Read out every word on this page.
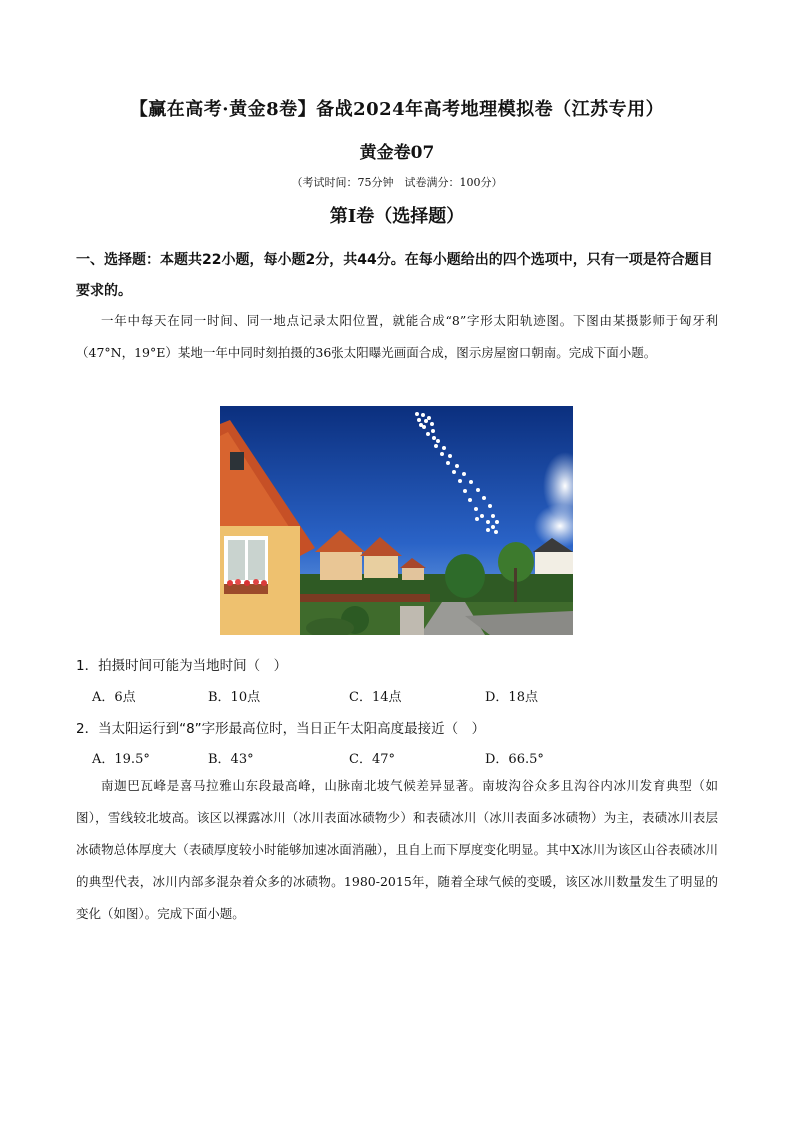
【赢在高考·黄金8卷】备战2024年高考地理模拟卷（江苏专用）
黄金卷07
（考试时间：75分钟　试卷满分：100分）
第Ⅰ卷（选择题）
一、选择题：本题共22小题，每小题2分，共44分。在每小题给出的四个选项中，只有一项是符合题目要求的。
一年中每天在同一时间、同一地点记录太阳位置，就能合成“8”字形太阳轨迹图。下图由某摄影师于匈牙利（47°N，19°E）某地一年中同时刻拍摄的36张太阳曝光画面合成，图示房屋窗口朝南。完成下面小题。
1．拍摄时间可能为当地时间（　）
A．6点	B．10点	C．14点	D．18点
2．当太阳运行到“8”字形最高位时，当日正午太阳高度最接近（　）
A．19.5°	B．43°	C．47°	D．66.5°
南迦巴瓦峰是喜马拉雅山东段最高峰，山脉南北坡气候差异显著。南坡沟谷众多且沟谷内冰川发育典型（如图），雪线较北坡高。该区以裸露冰川（冰川表面冰碛物少）和表碛冰川（冰川表面多冰碛物）为主，表碛冰川表层冰碛物总体厚度大（表碛厚度较小时能够加速冰面消融），且自上而下厚度变化明显。其中X冰川为该区山谷表碛冰川的典型代表，冰川内部多混杂着众多的冰碛物。1980-2015年，随着全球气候的变暖，该区冰川数量发生了明显的变化（如图）。完成下面小题。
